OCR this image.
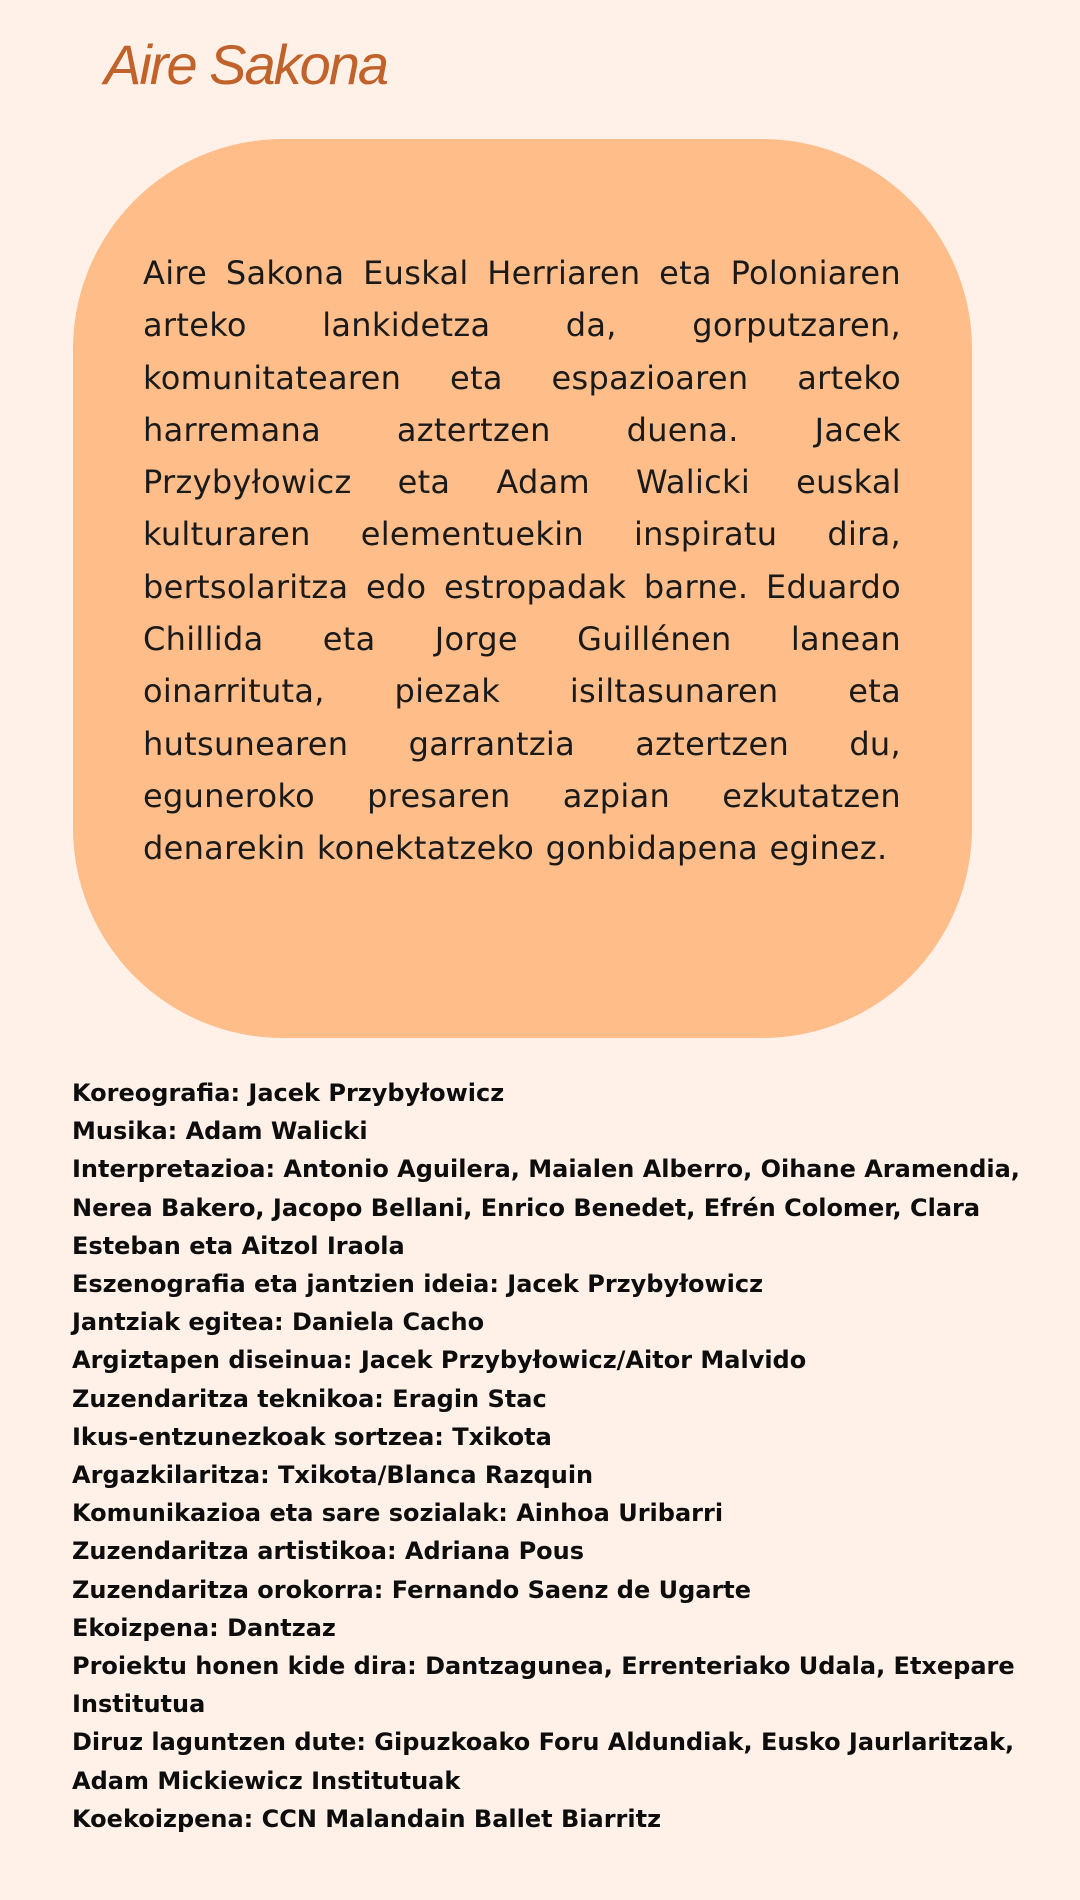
Aire Sakona

Aire Sakona Euskal Herriaren eta Poloniaren arteko lankidetza da, gorputzaren, komunitatearen eta espazioaren arteko harremana aztertzen duena. Jacek Przybyłowicz eta Adam Walicki euskal kulturaren elementuekin inspiratu dira, bertsolaritza edo estropadak barne. Eduardo Chillida eta Jorge Guillénen lanean oinarrituta, piezak isiltasunaren eta hutsunearen garrantzia aztertzen du, eguneroko presaren azpian ezkutatzen denarekin konektatzeko gonbidapena eginez.

Koreografia: Jacek Przybyłowicz
Musika: Adam Walicki
Interpretazioa: Antonio Aguilera, Maialen Alberro, Oihane Aramendia, Nerea Bakero, Jacopo Bellani, Enrico Benedet, Efrén Colomer, Clara Esteban eta Aitzol Iraola
Eszenografia eta jantzien ideia: Jacek Przybyłowicz
Jantziak egitea: Daniela Cacho
Argiztapen diseinua: Jacek Przybyłowicz/Aitor Malvido
Zuzendaritza teknikoa: Eragin Stac
Ikus-entzunezkoak sortzea: Txikota
Argazkilaritza: Txikota/Blanca Razquin
Komunikazioa eta sare sozialak: Ainhoa Uribarri
Zuzendaritza artistikoa: Adriana Pous
Zuzendaritza orokorra: Fernando Saenz de Ugarte
Ekoizpena: Dantzaz
Proiektu honen kide dira: Dantzagunea, Errenteriako Udala, Etxepare Institutua
Diruz laguntzen dute: Gipuzkoako Foru Aldundiak, Eusko Jaurlaritzak, Adam Mickiewicz Institutuak
Koekoizpena: CCN Malandain Ballet Biarritz
